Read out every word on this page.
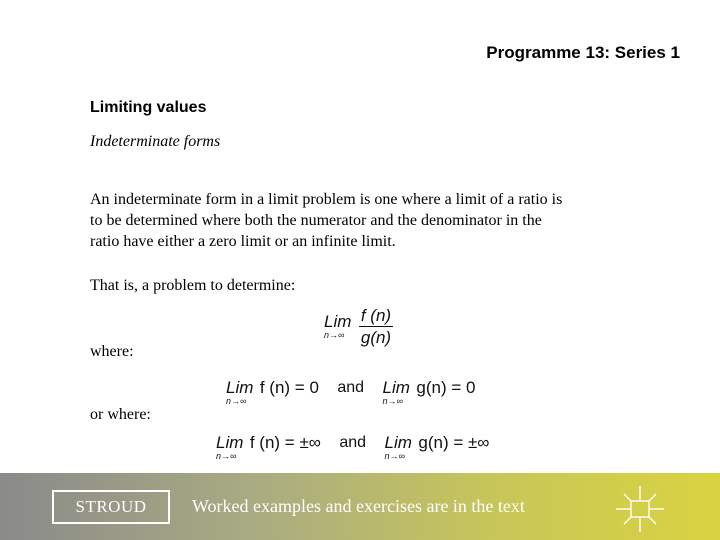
Programme 13: Series 1
Limiting values
Indeterminate forms
An indeterminate form in a limit problem is one where a limit of a ratio is
to be determined where both the numerator and the denominator in the
ratio have either a zero limit or an infinite limit.
That is, a problem to determine:
Lim
n→∞
$\frac{f (n)}{g(n)}$
where:
Lim
n→∞
f (n) = 0 and Lim
n→∞
g(n) = 0
or where:
Lim
n→∞
f (n) = ±∞ and Lim
n→∞
g(n) = ±∞
STROUD	Worked examples and exercises are in the text
